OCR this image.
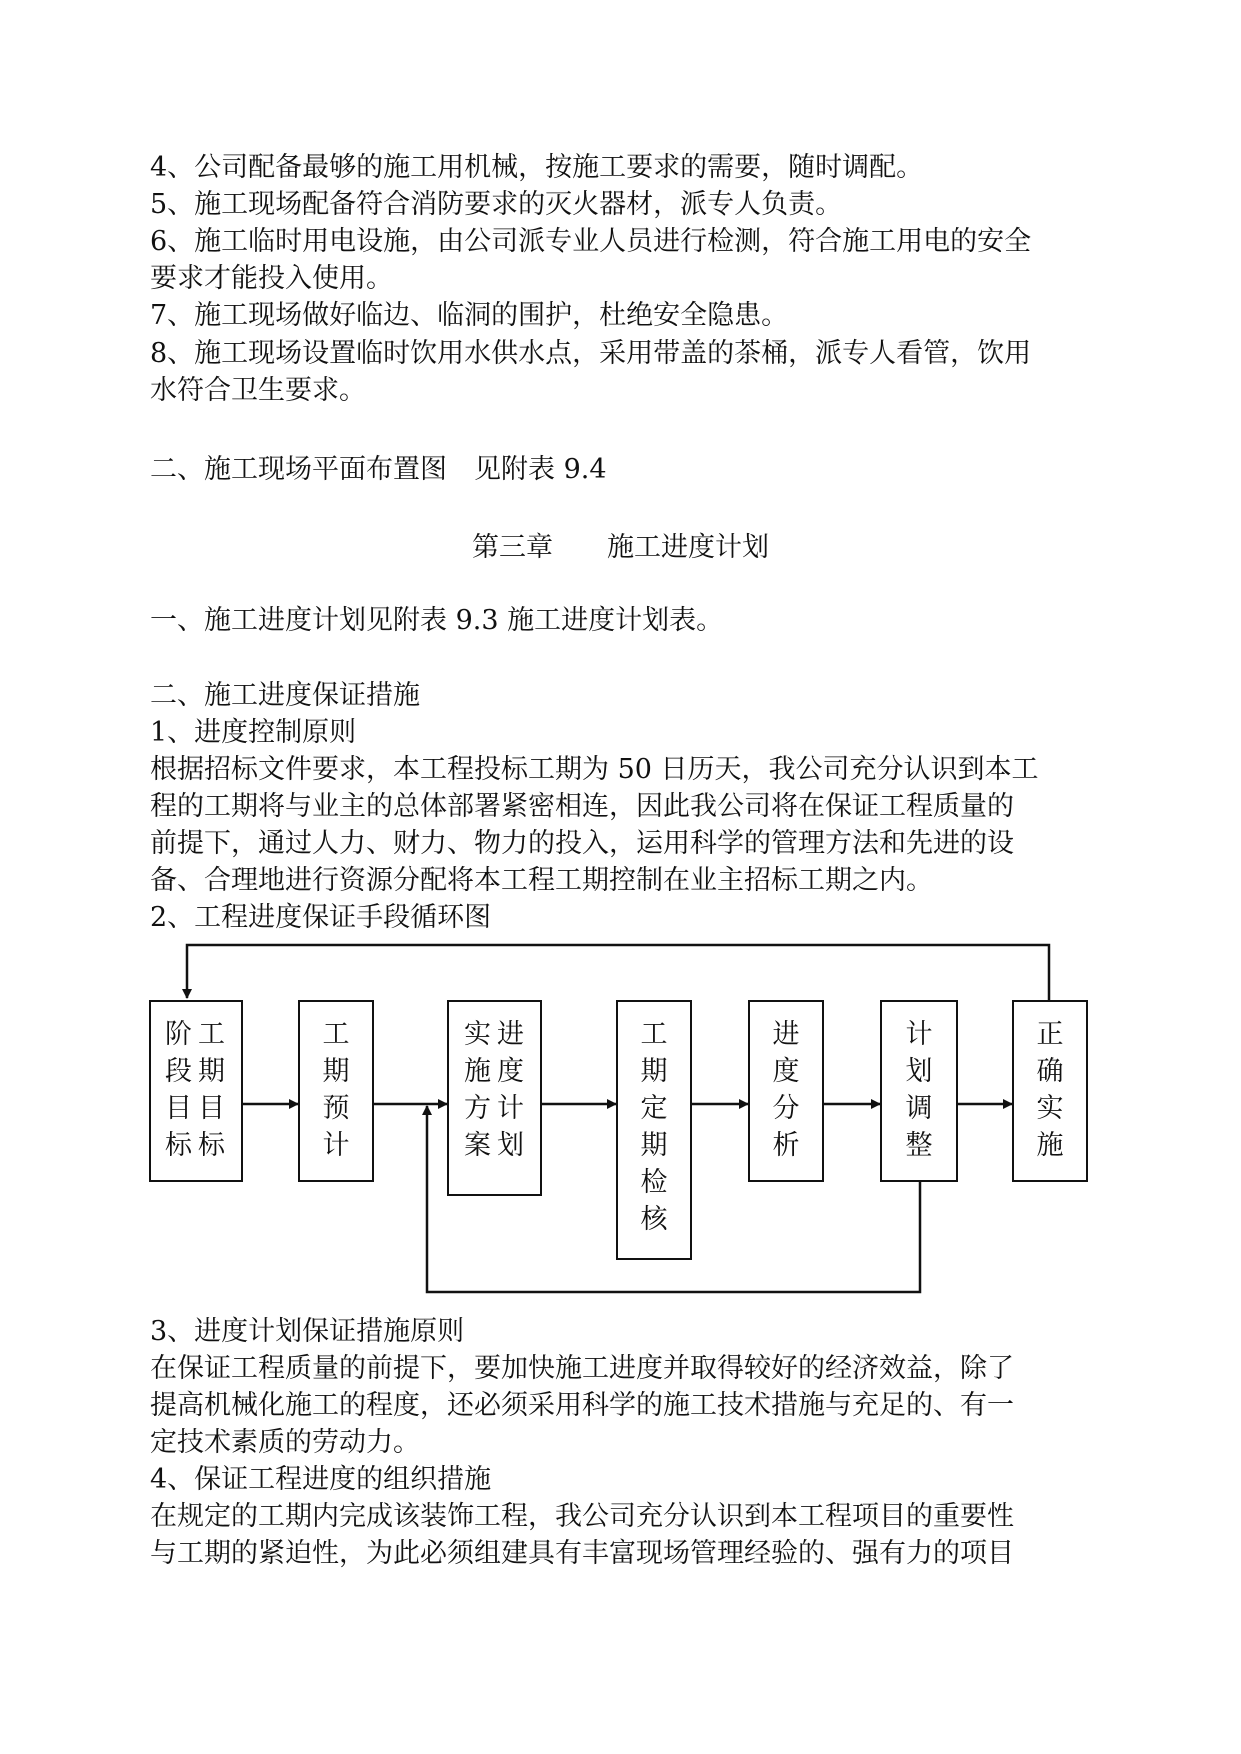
4、公司配备最够的施工用机械，按施工要求的需要，随时调配。
5、施工现场配备符合消防要求的灭火器材，派专人负责。
6、施工临时用电设施，由公司派专业人员进行检测，符合施工用电的安全
要求才能投入使用。
7、施工现场做好临边、临洞的围护，杜绝安全隐患。
8、施工现场设置临时饮用水供水点，采用带盖的茶桶，派专人看管，饮用
水符合卫生要求。
二、施工现场平面布置图　见附表 9.4
第三章　　施工进度计划
一、施工进度计划见附表 9.3 施工进度计划表。
二、施工进度保证措施
1、进度控制原则
根据招标文件要求，本工程投标工期为 50 日历天，我公司充分认识到本工
程的工期将与业主的总体部署紧密相连，因此我公司将在保证工程质量的
前提下，通过人力、财力、物力的投入，运用科学的管理方法和先进的设
备、合理地进行资源分配将本工程工期控制在业主招标工期之内。
2、工程进度保证手段循环图
阶工
段期
目目
标标
工
期
预
计
实进
施度
方计
案划
工
期
定
期
检
核
进
度
分
析
计
划
调
整
正
确
实
施
3、进度计划保证措施原则
在保证工程质量的前提下，要加快施工进度并取得较好的经济效益，除了
提高机械化施工的程度，还必须采用科学的施工技术措施与充足的、有一
定技术素质的劳动力。
4、保证工程进度的组织措施
在规定的工期内完成该装饰工程，我公司充分认识到本工程项目的重要性
与工期的紧迫性，为此必须组建具有丰富现场管理经验的、强有力的项目
